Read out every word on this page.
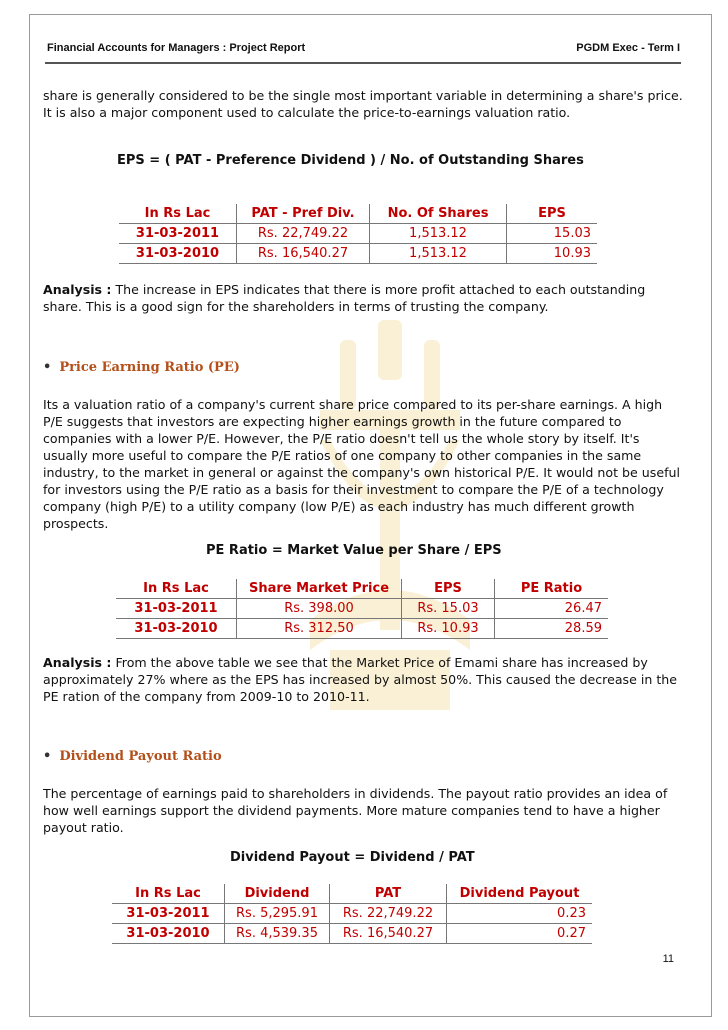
Financial Accounts for Managers : Project Report	PGDM Exec - Term I
share is generally considered to be the single most important variable in determining a share's price. It is also a major component used to calculate the price-to-earnings valuation ratio.
EPS = ( PAT - Preference Dividend ) / No. of Outstanding Shares
In Rs Lac	PAT - Pref Div.	No. Of Shares	EPS
31-03-2011	Rs. 22,749.22	1,513.12	15.03
31-03-2010	Rs. 16,540.27	1,513.12	10.93
Analysis : The increase in EPS indicates that there is more profit attached to each outstanding share. This is a good sign for the shareholders in terms of trusting the company.
• Price Earning Ratio (PE)
Its a valuation ratio of a company's current share price compared to its per-share earnings. A high P/E suggests that investors are expecting higher earnings growth in the future compared to companies with a lower P/E. However, the P/E ratio doesn't tell us the whole story by itself. It's usually more useful to compare the P/E ratios of one company to other companies in the same industry, to the market in general or against the company's own historical P/E. It would not be useful for investors using the P/E ratio as a basis for their investment to compare the P/E of a technology company (high P/E) to a utility company (low P/E) as each industry has much different growth prospects.
PE Ratio = Market Value per Share / EPS
In Rs Lac	Share Market Price	EPS	PE Ratio
31-03-2011	Rs. 398.00	Rs. 15.03	26.47
31-03-2010	Rs. 312.50	Rs. 10.93	28.59
Analysis : From the above table we see that the Market Price of Emami share has increased by approximately 27% where as the EPS has increased by almost 50%. This caused the decrease in the PE ration of the company from 2009-10 to 2010-11.
• Dividend Payout Ratio
The percentage of earnings paid to shareholders in dividends. The payout ratio provides an idea of how well earnings support the dividend payments. More mature companies tend to have a higher payout ratio.
Dividend Payout = Dividend / PAT
In Rs Lac	Dividend	PAT	Dividend Payout
31-03-2011	Rs. 5,295.91	Rs. 22,749.22	0.23
31-03-2010	Rs. 4,539.35	Rs. 16,540.27	0.27
11
